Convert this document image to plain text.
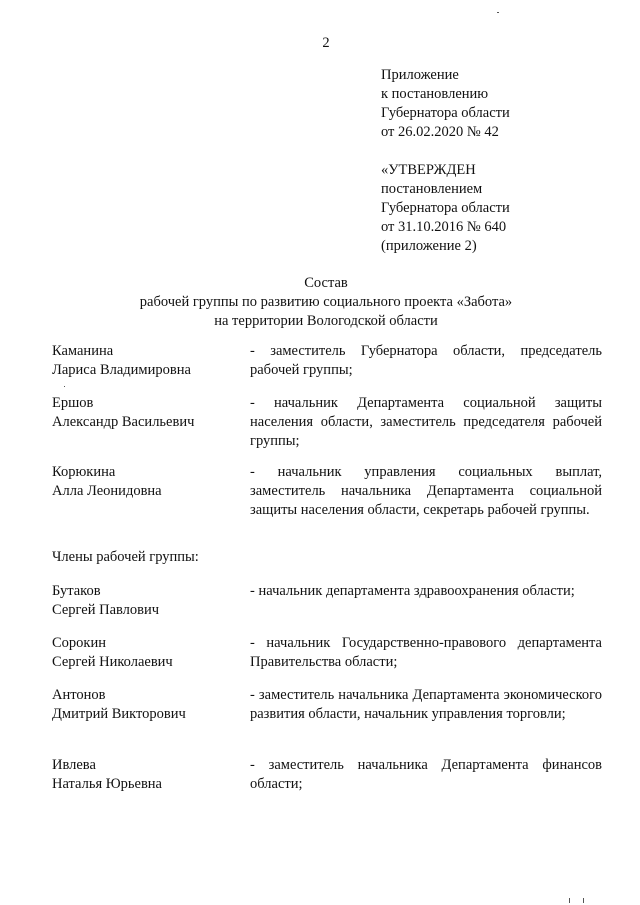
2
Приложение
к постановлению
Губернатора области
от 26.02.2020 № 42
«УТВЕРЖДЕН
постановлением
Губернатора области
от 31.10.2016 № 640
(приложение 2)
Состав
рабочей группы по развитию социального проекта «Забота»
на территории Вологодской области
Каманина
Лариса Владимировна
- заместитель Губернатора области, председатель рабочей группы;
Ершов
Александр Васильевич
- начальник Департамента социальной защиты населения области, заместитель председателя рабочей группы;
Корюкина
Алла Леонидовна
- начальник управления социальных выплат, заместитель начальника Департамента социальной защиты населения области, секретарь рабочей группы.
Члены рабочей группы:
Бутаков
Сергей Павлович
- начальник департамента здравоохранения области;
Сорокин
Сергей Николаевич
- начальник Государственно-правового департамента Правительства области;
Антонов
Дмитрий Викторович
- заместитель начальника Департамента экономического развития области, начальник управления торговли;
Ивлева
Наталья Юрьевна
- заместитель начальника Департамента финансов области;
